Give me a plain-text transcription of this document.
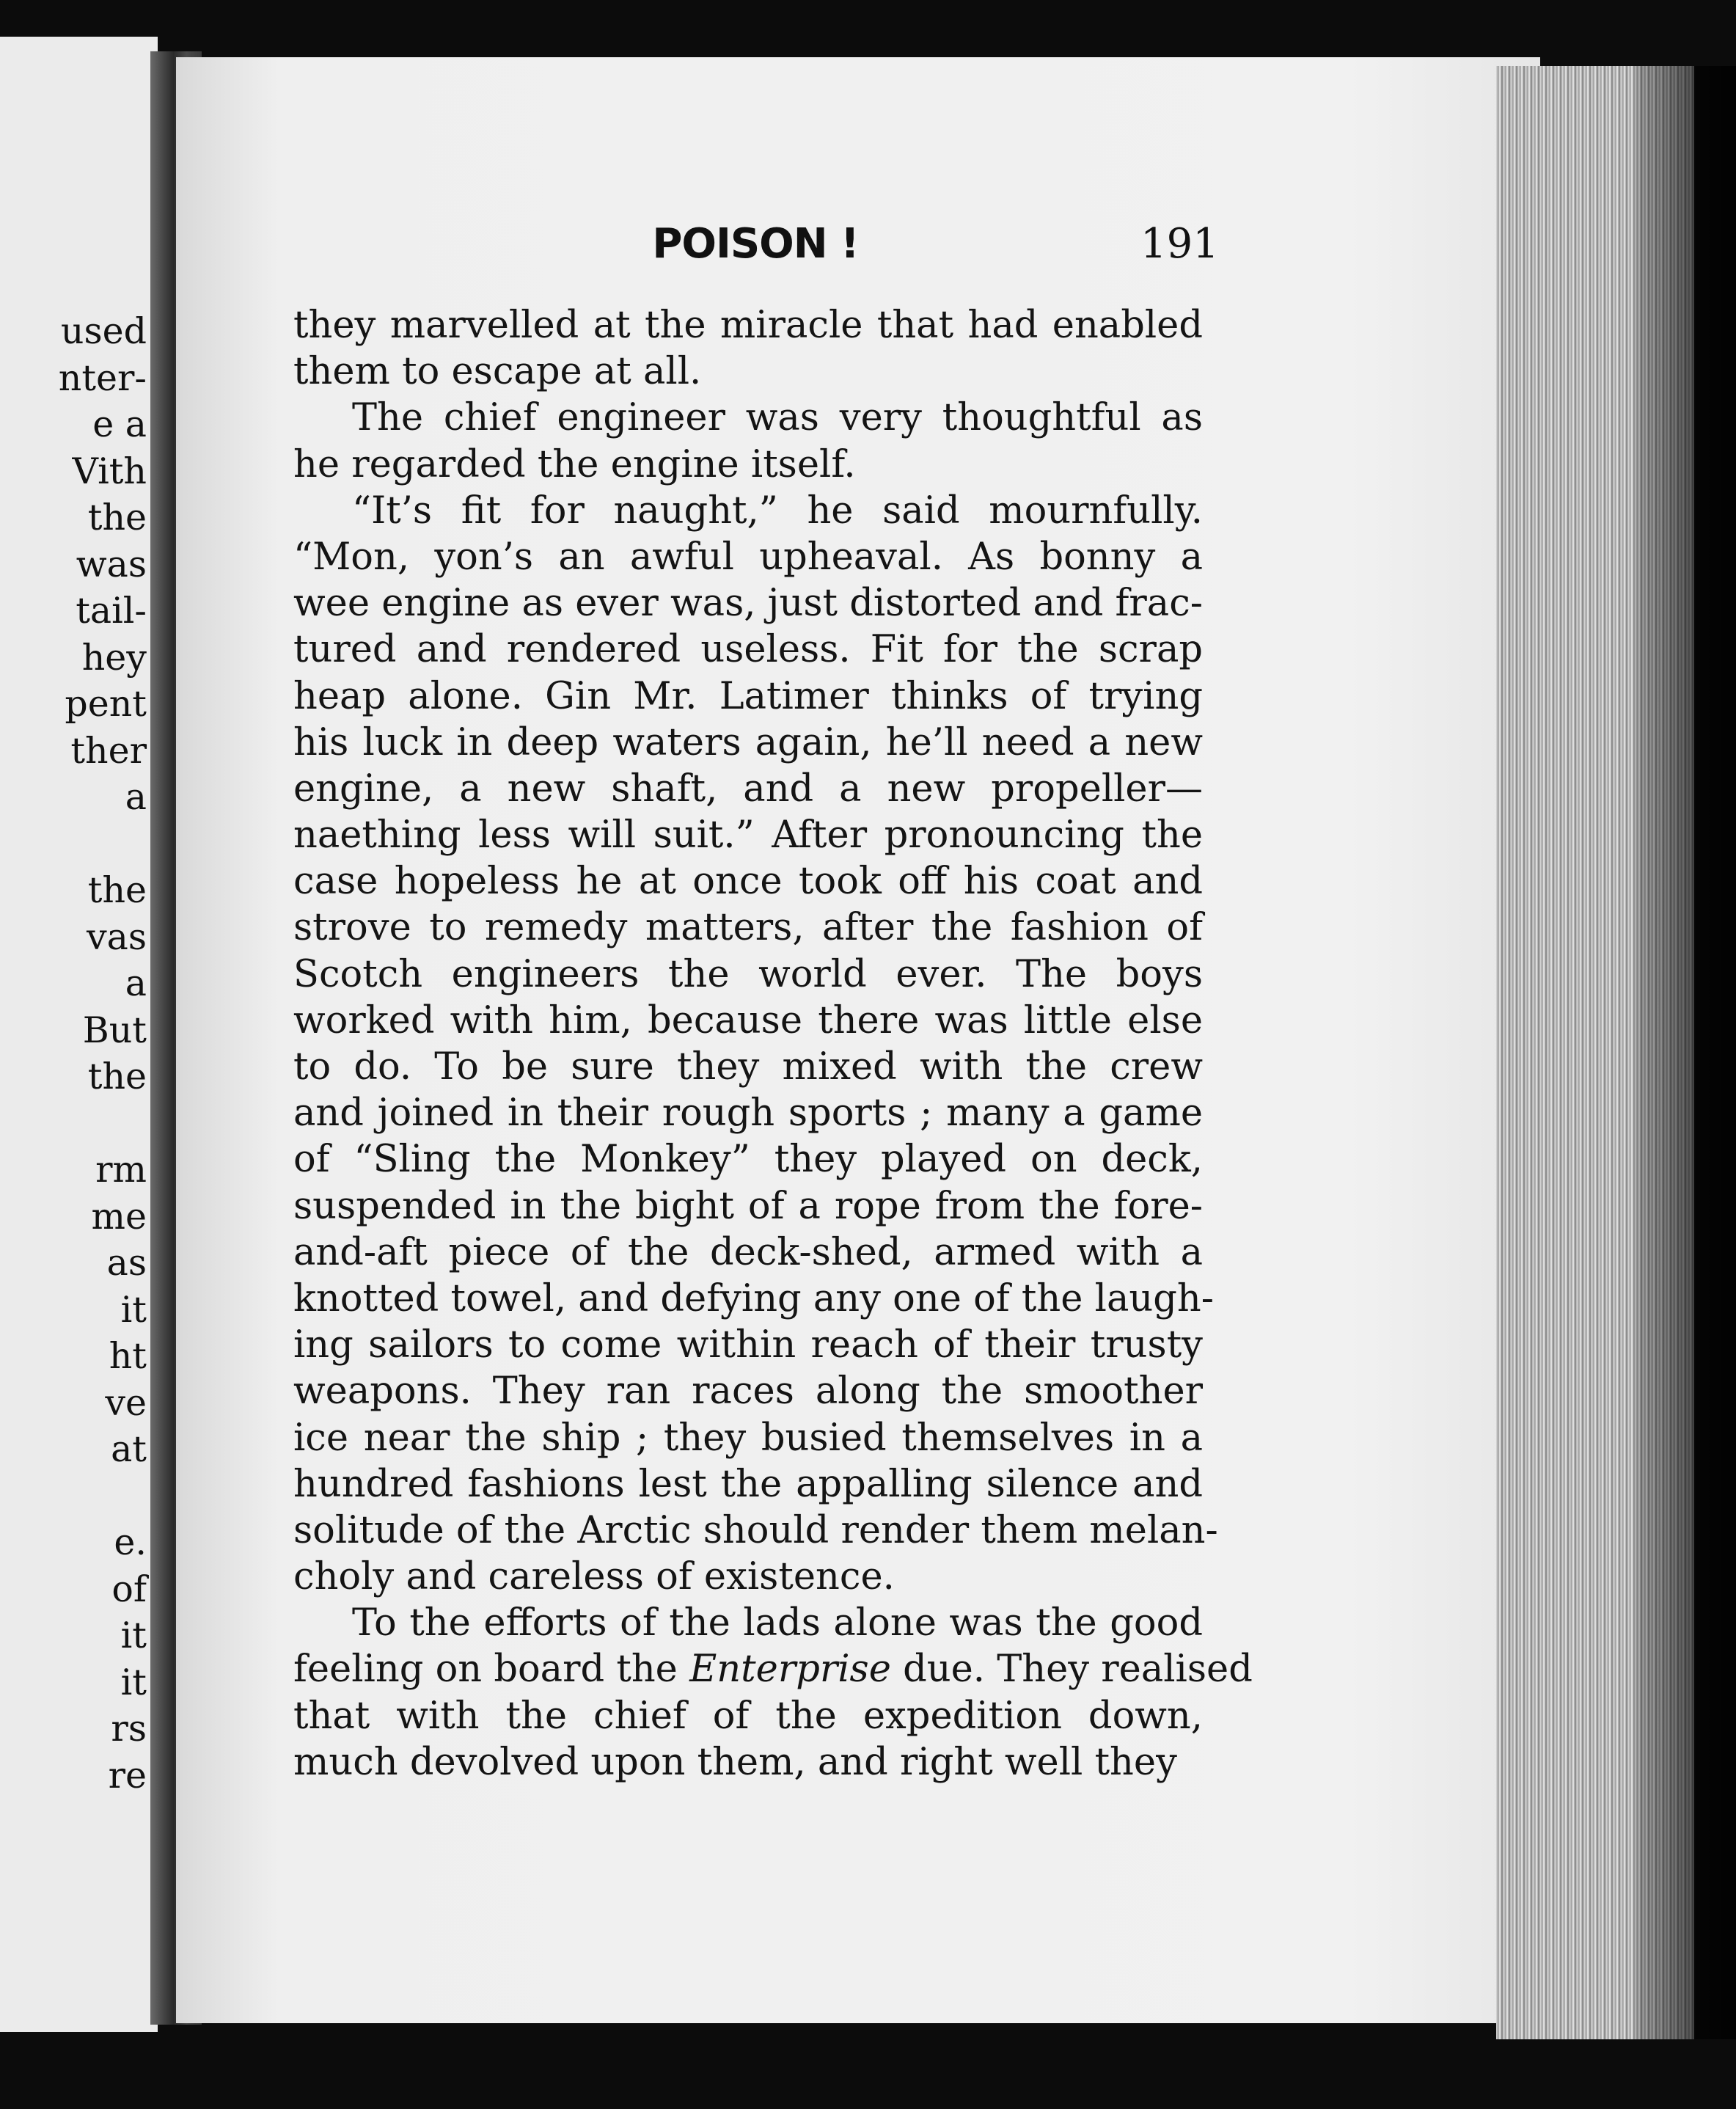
used
nter-
e a
Vith
the
was
tail-
hey
pent
ther
a
the
vas
a
But
the
rm
me
as
it
ht
ve
at
e.
of
it
it
rs
re
POISON !	191
they marvelled at the miracle that had enabled
them to escape at all.
The chief engineer was very thoughtful as
he regarded the engine itself.
“It’s fit for naught,” he said mournfully.
“Mon, yon’s an awful upheaval. As bonny a
wee engine as ever was, just distorted and frac-
tured and rendered useless. Fit for the scrap
heap alone. Gin Mr. Latimer thinks of trying
his luck in deep waters again, he’ll need a new
engine, a new shaft, and a new propeller—
naething less will suit.” After pronouncing the
case hopeless he at once took off his coat and
strove to remedy matters, after the fashion of
Scotch engineers the world ever. The boys
worked with him, because there was little else
to do. To be sure they mixed with the crew
and joined in their rough sports ; many a game
of “Sling the Monkey” they played on deck,
suspended in the bight of a rope from the fore-
and-aft piece of the deck-shed, armed with a
knotted towel, and defying any one of the laugh-
ing sailors to come within reach of their trusty
weapons. They ran races along the smoother
ice near the ship ; they busied themselves in a
hundred fashions lest the appalling silence and
solitude of the Arctic should render them melan-
choly and careless of existence.
To the efforts of the lads alone was the good
feeling on board the Enterprise due. They realised
that with the chief of the expedition down,
much devolved upon them, and right well they
